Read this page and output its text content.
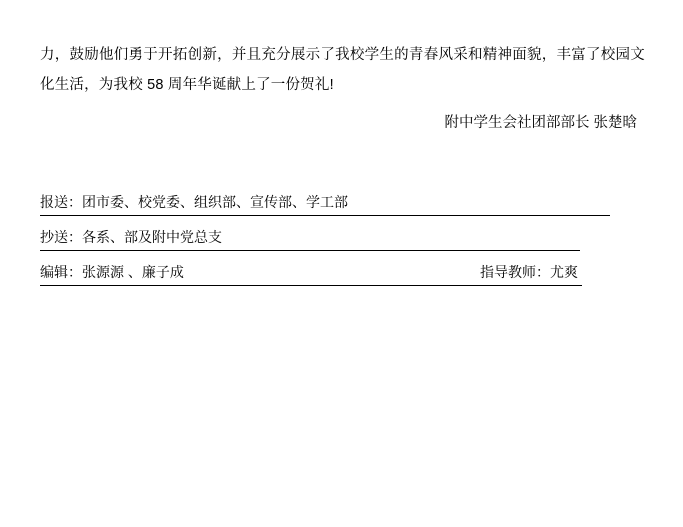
力，鼓励他们勇于开拓创新，并且充分展示了我校学生的青春风采和精神面貌，丰富了校园文化生活，为我校 58 周年华诞献上了一份贺礼!

附中学生会社团部部长 张楚晗
报送：团市委、校党委、组织部、宣传部、学工部
抄送：各系、部及附中党总支
编辑：张源源 、廉子成	指导教师：尤爽
